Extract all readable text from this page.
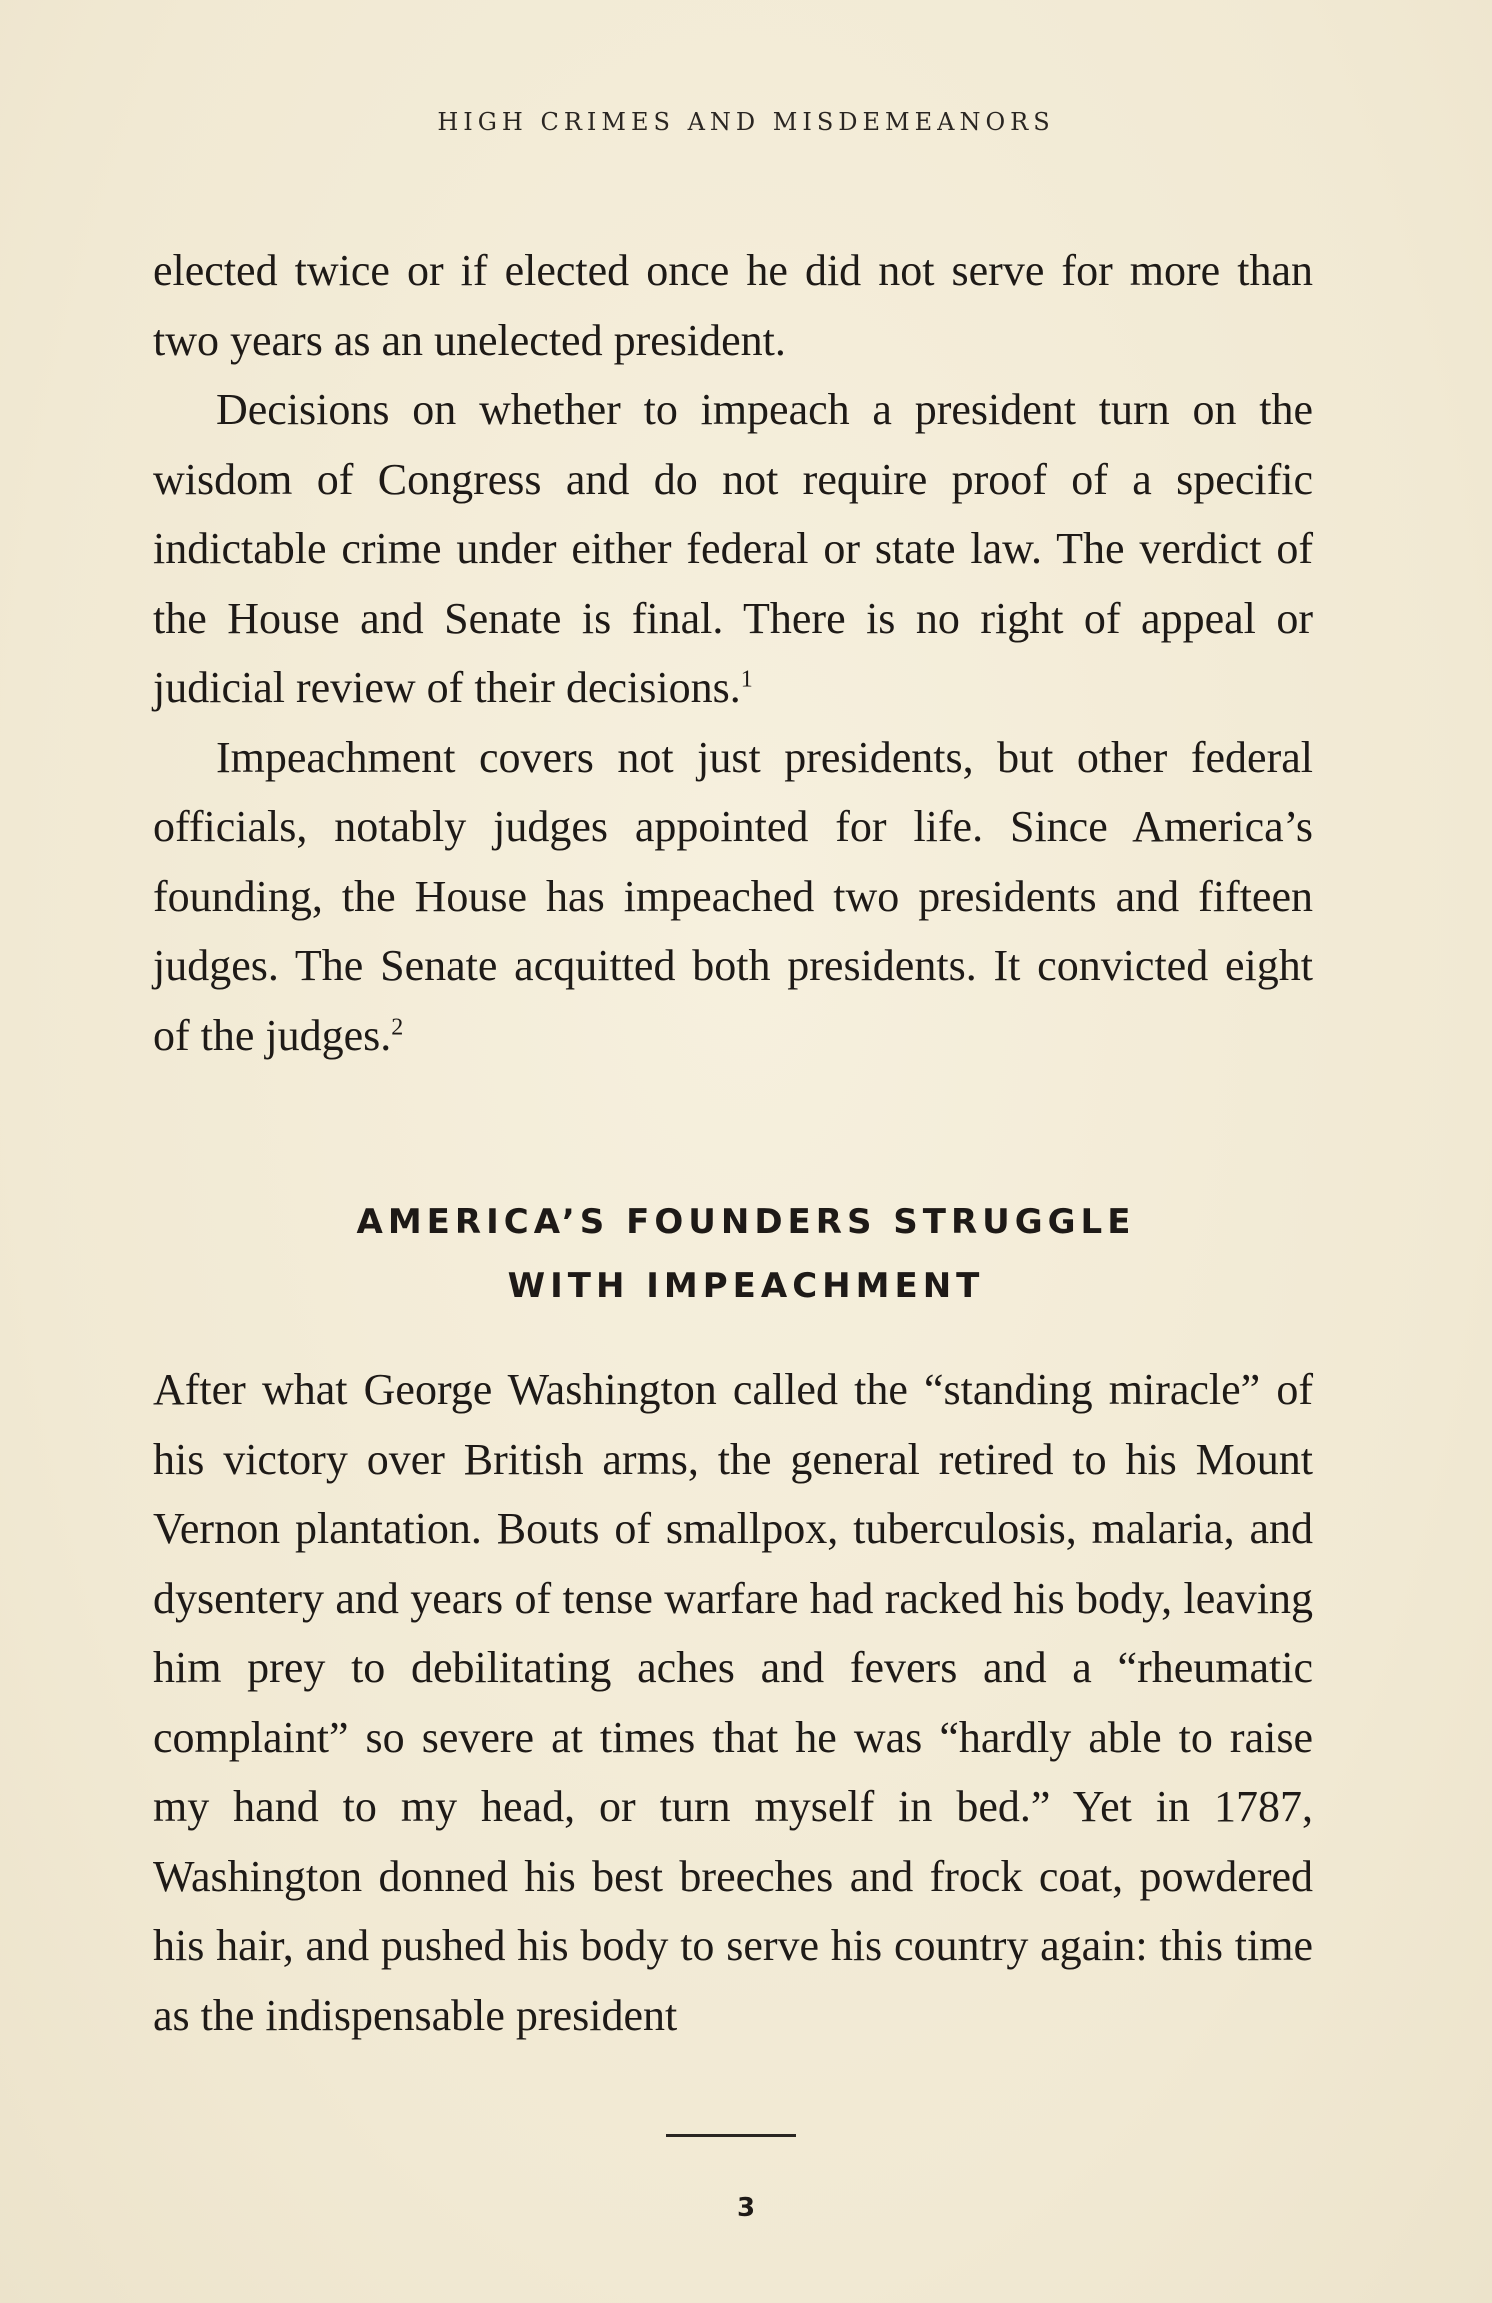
HIGH CRIMES AND MISDEMEANORS

elected twice or if elected once he did not serve for more than two years as an unelected president.

Decisions on whether to impeach a president turn on the wisdom of Congress and do not require proof of a specific indictable crime under either federal or state law. The verdict of the House and Senate is final. There is no right of appeal or judicial review of their decisions.$^1$

Impeachment covers not just presidents, but other federal officials, notably judges appointed for life. Since America’s founding, the House has impeached two presidents and fifteen judges. The Senate acquitted both presidents. It convicted eight of the judges.$^2$

AMERICA’S FOUNDERS STRUGGLE
WITH IMPEACHMENT

After what George Washington called the “standing miracle” of his victory over British arms, the general retired to his Mount Vernon plantation. Bouts of smallpox, tuberculosis, malaria, and dysentery and years of tense warfare had racked his body, leaving him prey to debilitating aches and fevers and a “rheumatic complaint” so severe at times that he was “hardly able to raise my hand to my head, or turn myself in bed.” Yet in 1787, Washington donned his best breeches and frock coat, powdered his hair, and pushed his body to serve his country again: this time as the indispensable president

3
